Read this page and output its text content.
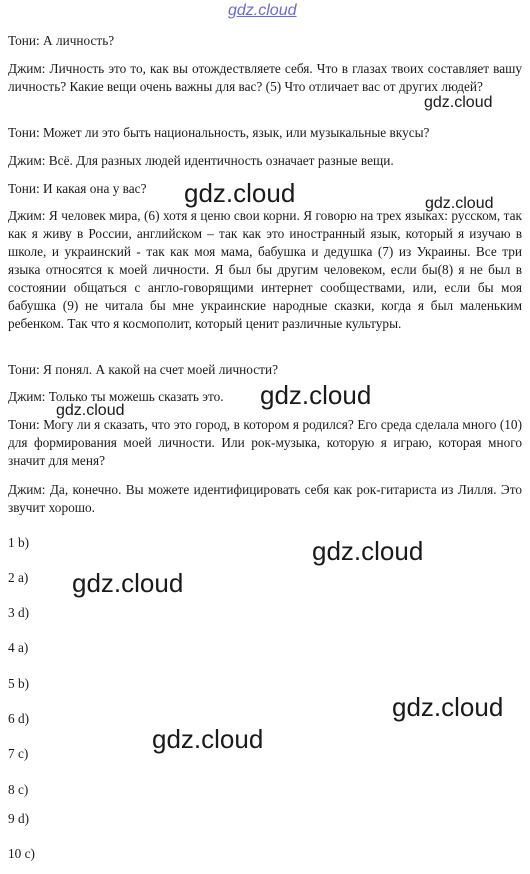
Тони: А личность?
Джим: Личность это то, как вы отождествляете себя. Что в глазах твоих составляет вашу личность? Какие вещи очень важны для вас? (5) Что отличает вас от других людей?
Тони: Может ли это быть национальность, язык, или музыкальные вкусы?
Джим: Всё. Для разных людей идентичность означает разные вещи.
Тони: И какая она у вас?
Джим: Я человек мира, (6) хотя я ценю свои корни. Я говорю на трех языках: русском, так как я живу в России, английском – так как это иностранный язык, который я изучаю в школе, и украинский - так как моя мама, бабушка и дедушка (7) из Украины. Все три языка относятся к моей личности. Я был бы другим человеком, если бы(8) я не был в состоянии общаться с англо-говорящими интернет сообществами, или, если бы моя бабушка (9) не читала бы мне украинские народные сказки, когда я был маленьким ребенком. Так что я космополит, который ценит различные культуры.
Тони: Я понял. А какой на счет моей личности?
Джим: Только ты можешь сказать это.
Тони: Могу ли я сказать, что это город, в котором я родился? Его среда сделала много (10) для формирования моей личности. Или рок-музыка, которую я играю, которая много значит для меня?
Джим: Да, конечно. Вы можете идентифицировать себя как рок-гитариста из Лилля. Это звучит хорошо.
1 b)
2 a)
3 d)
4 a)
5 b)
6 d)
7 c)
8 c)
9 d)
10 c)
gdz.cloud
gdz.cloud
gdz.cloud	gdz.cloud
gdz.cloud
gdz.cloud
gdz.cloud
gdz.cloud
gdz.cloud
gdz.cloud
